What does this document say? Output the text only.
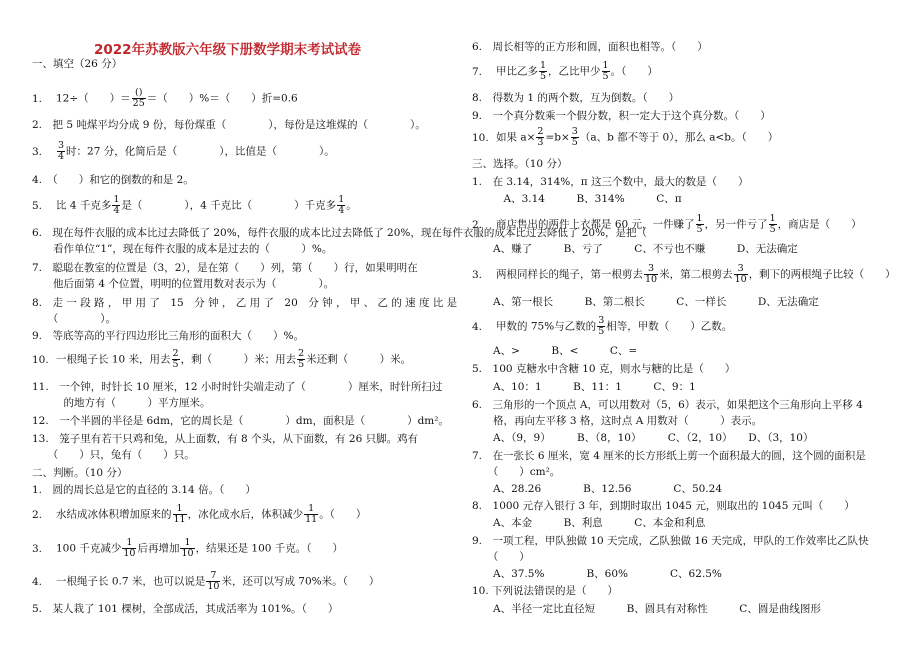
2022年苏教版六年级下册数学期末考试试卷
一、填空（26 分）
1. 12÷（　　）＝ $\frac{()}{25}$ ＝（　　）%＝（　　）折=0.6
2.　把 5 吨煤平均分成 9 份，每份煤重（　　　　），每份是这堆煤的（　　　　）。
3. $\frac{3}{4}$ 时：27 分，化简后是（　　　　），比值是（　　　　）。
4.　（　　）和它的倒数的和是 2。
5. 比 4 千克多 $\frac{1}{4}$ 是（　　　　），4 千克比（　　　　）千克多 $\frac{1}{4}$ 。
6.　现在每件衣服的成本比过去降低了 20%，每件衣服的成本比过去降低了 20%，现在每件衣服的成本比过去降低了 20%，是把（
　　看作单位“1”，现在每件衣服的成本是过去的（　　　）%。
7.　聪聪在教室的位置是（3，2），是在第（　　）列，第（　　）行，如果明明在
　　他后面第 4 个位置，明明的位置用数对表示为（　　　　）。
8.　走 一 段 路 ， 甲 用 了　15　分 钟 ， 乙 用 了　20　分 钟 ， 甲 、 乙 的 速 度 比 是
　　（　　　　）。
9.　等底等高的平行四边形比三角形的面积大（　　）%。
10. 一根绳子长 10 米，用去 $\frac{2}{5}$ ，剩（　　　）米；用去 $\frac{2}{5}$ 米还剩（　　　）米。
11.　一个钟，时针长 10 厘米，12 小时时针尖端走动了（　　　　）厘米，时针所扫过
　　　的地方有（　　　）平方厘米。
12.　一个半圆的半径是 6dm，它的周长是（　　　　）dm，面积是（　　　　）dm²。
13.　笼子里有若干只鸡和兔，从上面数，有 8 个头，从下面数，有 26 只脚。鸡有
　　（　　）只，兔有（　　）只。
二、判断。（10 分）
1.　圆的周长总是它的直径的 3.14 倍。（　　）
2. 水结成冰体积增加原来的 $\frac{1}{11}$ ，冰化成水后，体积减少 $\frac{1}{11}$ 。（　　）
3. 100 千克减少 $\frac{1}{10}$ 后再增加 $\frac{1}{10}$ ，结果还是 100 千克。（　　）
4. 一根绳子长 0.7 米，也可以说是 $\frac{7}{10}$ 米，还可以写成 70%米。（　　）
5.　某人栽了 101 棵树，全部成活，其成活率为 101%。（　　）
6.　周长相等的正方形和圆，面积也相等。（　　）
7. 甲比乙多 $\frac{1}{5}$ ，乙比甲少 $\frac{1}{5}$ 。（　　）
8.　得数为 1 的两个数，互为倒数。（　　）
9.　一个真分数乘一个假分数，积一定大于这个真分数。（　　）
10. 如果 $a\times \frac{2}{3} =b\times \frac{3}{5} (a$、b 都不等于 0），那么 a<b。（　　）
三、选择。（10 分）
1.　在 3.14，314%，π 这三个数中，最大的数是（　　）
　　　A、3.14　　　B、314%　　　C、π
2. 商店售出的两件上衣都是 60 元，一件赚了 $\frac{1}{5}$ ，另一件亏了 $\frac{1}{5}$ ，商店是（　　）
　　A、赚了　　　B、亏了　　　C、不亏也不赚　　　D、无法确定
3. 两根同样长的绳子，第一根剪去 $\frac{3}{10}$ 米，第二根剪去 $\frac{3}{10}$ ，剩下的两根绳子比较（　　）
　　A、第一根长　　　B、第二根长　　　C、一样长　　　D、无法确定
4. 甲数的 75%与乙数的 $\frac{3}{5}$ 相等，甲数（　　）乙数。
　　A、>　　　B、<　　　C、=
5.　100 克糖水中含糖 10 克，则水与糖的比是（　　）
　　A、10：1　　　B、11：1　　　C、9：1
6.　三角形的一个顶点 A，可以用数对（5，6）表示，如果把这个三角形向上平移 4
　　格，再向左平移 3 格，这时点 A 用数对（　　　）表示。
　　A、（9，9）　　　B、（8，10）　　　C、（2，10）　　D、（3，10）
7.　在一张长 6 厘米，宽 4 厘米的长方形纸上剪一个面积最大的圆，这个圆的面积是
　　（　　）cm²。
　　A、28.26　　　　B、12.56　　　　C、50.24
8.　1000 元存入银行 3 年，到期时取出 1045 元，则取出的 1045 元叫（　　）
　　A、本金　　　B、利息　　　C、本金和利息
9.　一项工程，甲队独做 10 天完成，乙队独做 16 天完成，甲队的工作效率比乙队快
　　（　　）
　　A、37.5%　　　　B、60%　　　　C、62.5%
10. 下列说法错误的是（　　）
　　A、半径一定比直径短　　　B、圆具有对称性　　　C、圆是曲线图形
